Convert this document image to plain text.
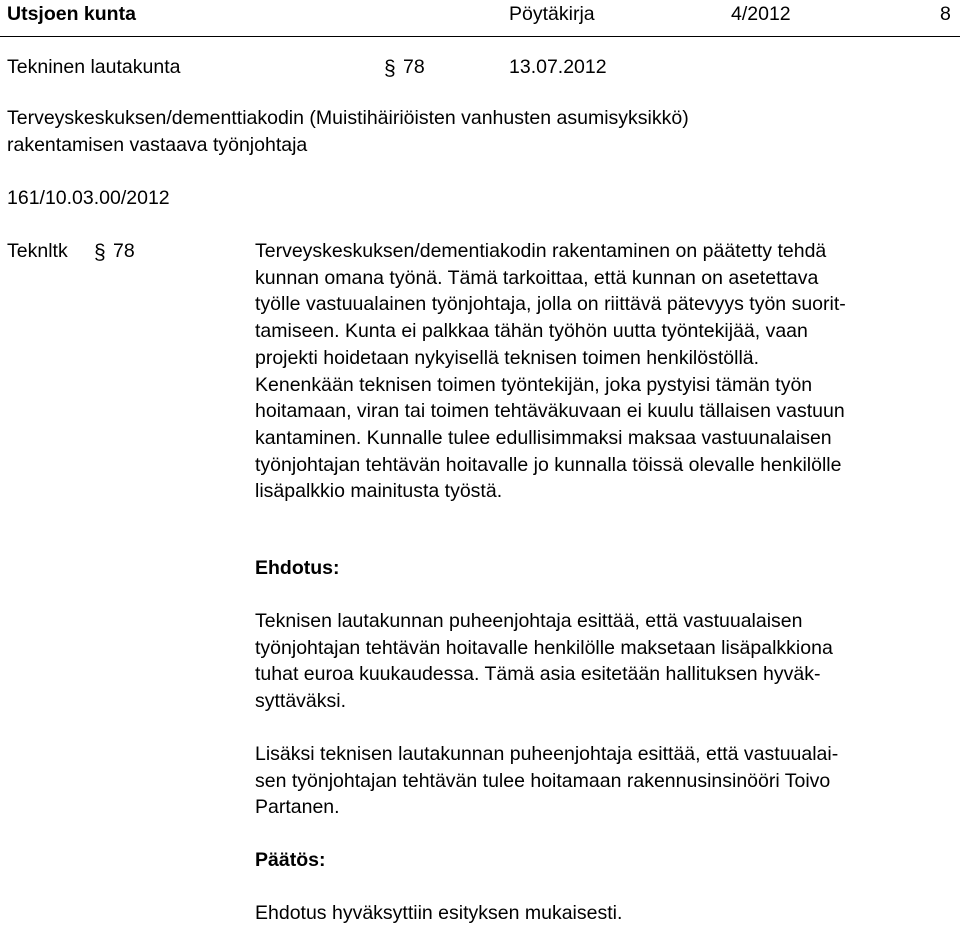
Utsjoen kunta	Pöytäkirja	4/2012	8
Tekninen lautakunta	§ 78	13.07.2012
Terveyskeskuksen/dementtiakodin (Muistihäiriöisten vanhusten asumisyksikkö)
rakentamisen vastaava työnjohtaja
161/10.03.00/2012
Teknltk § 78	Terveyskeskuksen/dementiakodin rakentaminen on päätetty tehdä
kunnan omana työnä. Tämä tarkoittaa, että kunnan on asetettava
työlle vastuualainen työnjohtaja, jolla on riittävä pätevyys työn suorit-
tamiseen. Kunta ei palkkaa tähän työhön uutta työntekijää, vaan
projekti hoidetaan nykyisellä teknisen toimen henkilöstöllä.
Kenenkään teknisen toimen työntekijän, joka pystyisi tämän työn
hoitamaan, viran tai toimen tehtäväkuvaan ei kuulu tällaisen vastuun
kantaminen. Kunnalle tulee edullisimmaksi maksaa vastuunalaisen
työnjohtajan tehtävän hoitavalle jo kunnalla töissä olevalle henkilölle
lisäpalkkio mainitusta työstä.
Ehdotus:
Teknisen lautakunnan puheenjohtaja esittää, että vastuualaisen
työnjohtajan tehtävän hoitavalle henkilölle maksetaan lisäpalkkiona
tuhat euroa kuukaudessa. Tämä asia esitetään hallituksen hyväk-
syttäväksi.
Lisäksi teknisen lautakunnan puheenjohtaja esittää, että vastuualai-
sen työnjohtajan tehtävän tulee hoitamaan rakennusinsinööri Toivo
Partanen.
Päätös:
Ehdotus hyväksyttiin esityksen mukaisesti.
